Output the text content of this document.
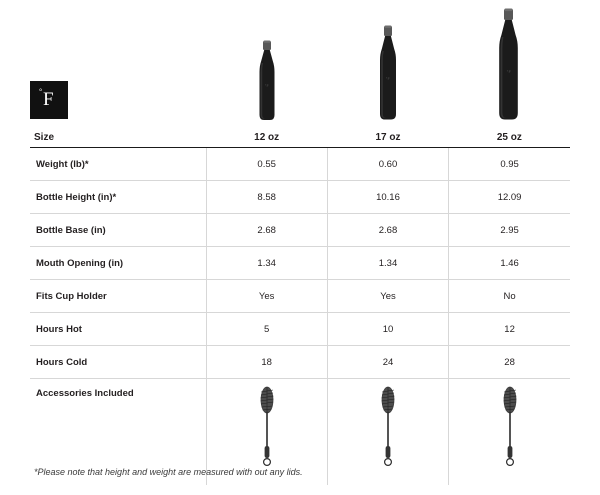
° F
°F
°F
°F
Size	12 oz	17 oz	25 oz
Weight (lb)*	0.55	0.60	0.95
Bottle Height (in)*	8.58	10.16	12.09
Bottle Base (in)	2.68	2.68	2.95
Mouth Opening (in)	1.34	1.34	1.46
Fits Cup Holder	Yes	Yes	No
Hours Hot	5	10	12
Hours Cold	18	24	28
Accessories Included	

*Please note that height and weight are measured with out any lids.
